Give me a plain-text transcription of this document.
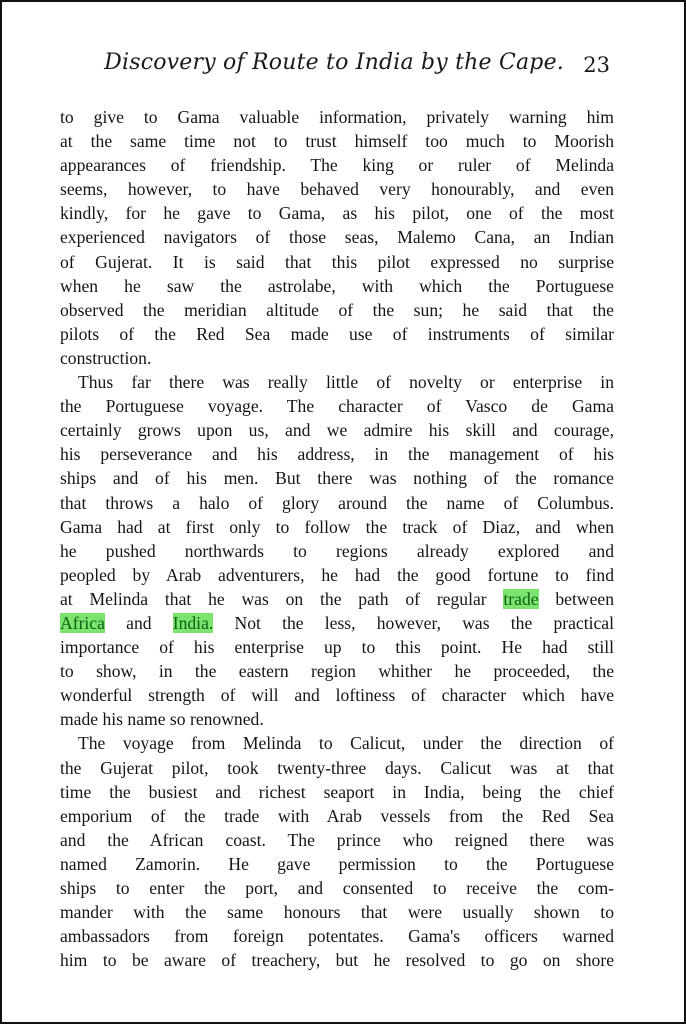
Discovery of Route to India by the Cape. 23

to give to Gama valuable information, privately warning him
at the same time not to trust himself too much to Moorish
appearances of friendship. The king or ruler of Melinda
seems, however, to have behaved very honourably, and even
kindly, for he gave to Gama, as his pilot, one of the most
experienced navigators of those seas, Malemo Cana, an Indian
of Gujerat. It is said that this pilot expressed no surprise
when he saw the astrolabe, with which the Portuguese
observed the meridian altitude of the sun; he said that the
pilots of the Red Sea made use of instruments of similar
construction.

Thus far there was really little of novelty or enterprise in
the Portuguese voyage. The character of Vasco de Gama
certainly grows upon us, and we admire his skill and courage,
his perseverance and his address, in the management of his
ships and of his men. But there was nothing of the romance
that throws a halo of glory around the name of Columbus.
Gama had at first only to follow the track of Diaz, and when
he pushed northwards to regions already explored and
peopled by Arab adventurers, he had the good fortune to find
at Melinda that he was on the path of regular trade between
Africa and India. Not the less, however, was the practical
importance of his enterprise up to this point. He had still
to show, in the eastern region whither he proceeded, the
wonderful strength of will and loftiness of character which have
made his name so renowned.

The voyage from Melinda to Calicut, under the direction of
the Gujerat pilot, took twenty-three days. Calicut was at that
time the busiest and richest seaport in India, being the chief
emporium of the trade with Arab vessels from the Red Sea
and the African coast. The prince who reigned there was
named Zamorin. He gave permission to the Portuguese
ships to enter the port, and consented to receive the com-
mander with the same honours that were usually shown to
ambassadors from foreign potentates. Gama's officers warned
him to be aware of treachery, but he resolved to go on shore
